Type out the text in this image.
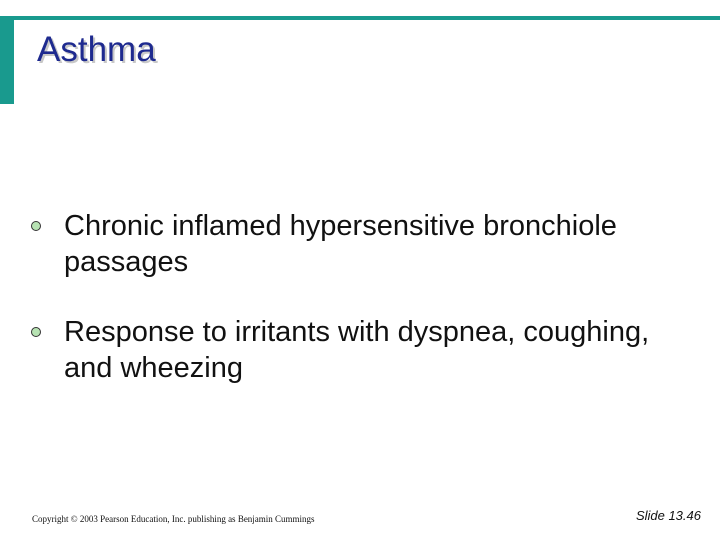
Asthma
Chronic inflamed hypersensitive bronchiole passages
Response to irritants with dyspnea, coughing, and wheezing
Copyright © 2003 Pearson Education, Inc. publishing as Benjamin Cummings	Slide 13.46
